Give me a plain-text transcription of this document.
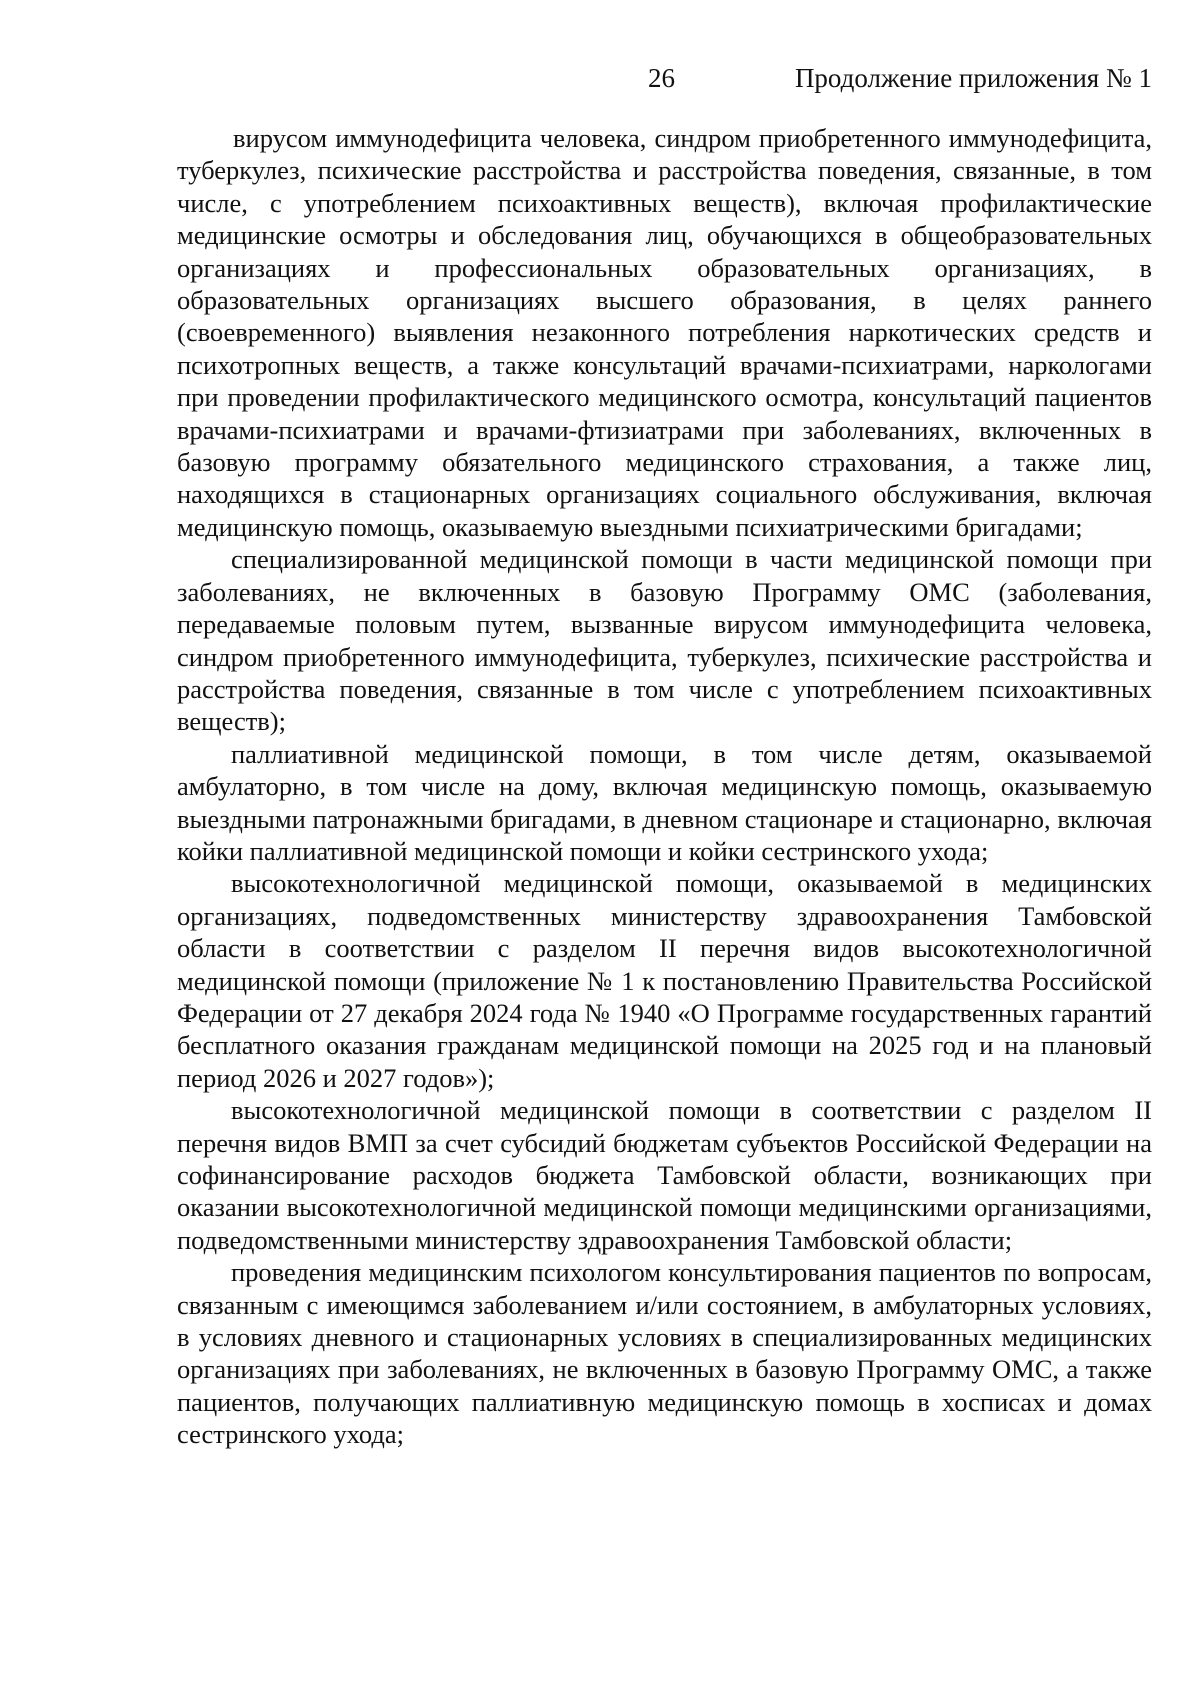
26	Продолжение приложения № 1

вирусом иммунодефицита человека, синдром приобретенного иммунодефицита, туберкулез, психические расстройства и расстройства поведения, связанные, в том числе, с употреблением психоактивных веществ), включая профилактические медицинские осмотры и обследования лиц, обучающихся в общеобразовательных организациях и профессиональных образовательных организациях, в образовательных организациях высшего образования, в целях раннего (своевременного) выявления незаконного потребления наркотических средств и психотропных веществ, а также консультаций врачами-психиатрами, наркологами при проведении профилактического медицинского осмотра, консультаций пациентов врачами-психиатрами и врачами-фтизиатрами при заболеваниях, включенных в базовую программу обязательного медицинского страхования, а также лиц, находящихся в стационарных организациях социального обслуживания, включая медицинскую помощь, оказываемую выездными психиатрическими бригадами;

специализированной медицинской помощи в части медицинской помощи при заболеваниях, не включенных в базовую Программу ОМС (заболевания, передаваемые половым путем, вызванные вирусом иммунодефицита человека, синдром приобретенного иммунодефицита, туберкулез, психические расстройства и расстройства поведения, связанные в том числе с употреблением психоактивных веществ);

паллиативной медицинской помощи, в том числе детям, оказываемой амбулаторно, в том числе на дому, включая медицинскую помощь, оказываемую выездными патронажными бригадами, в дневном стационаре и стационарно, включая койки паллиативной медицинской помощи и койки сестринского ухода;

высокотехнологичной медицинской помощи, оказываемой в медицинских организациях, подведомственных министерству здравоохранения Тамбовской области в соответствии с разделом II перечня видов высокотехнологичной медицинской помощи (приложение № 1 к постановлению Правительства Российской Федерации от 27 декабря 2024 года № 1940 «О Программе государственных гарантий бесплатного оказания гражданам медицинской помощи на 2025 год и на плановый период 2026 и 2027 годов»);

высокотехнологичной медицинской помощи в соответствии с разделом II перечня видов ВМП за счет субсидий бюджетам субъектов Российской Федерации на софинансирование расходов бюджета Тамбовской области, возникающих при оказании высокотехнологичной медицинской помощи медицинскими организациями, подведомственными министерству здравоохранения Тамбовской области;

проведения медицинским психологом консультирования пациентов по вопросам, связанным с имеющимся заболеванием и/или состоянием, в амбулаторных условиях, в условиях дневного и стационарных условиях в специализированных медицинских организациях при заболеваниях, не включенных в базовую Программу ОМС, а также пациентов, получающих паллиативную медицинскую помощь в хосписах и домах сестринского ухода;
